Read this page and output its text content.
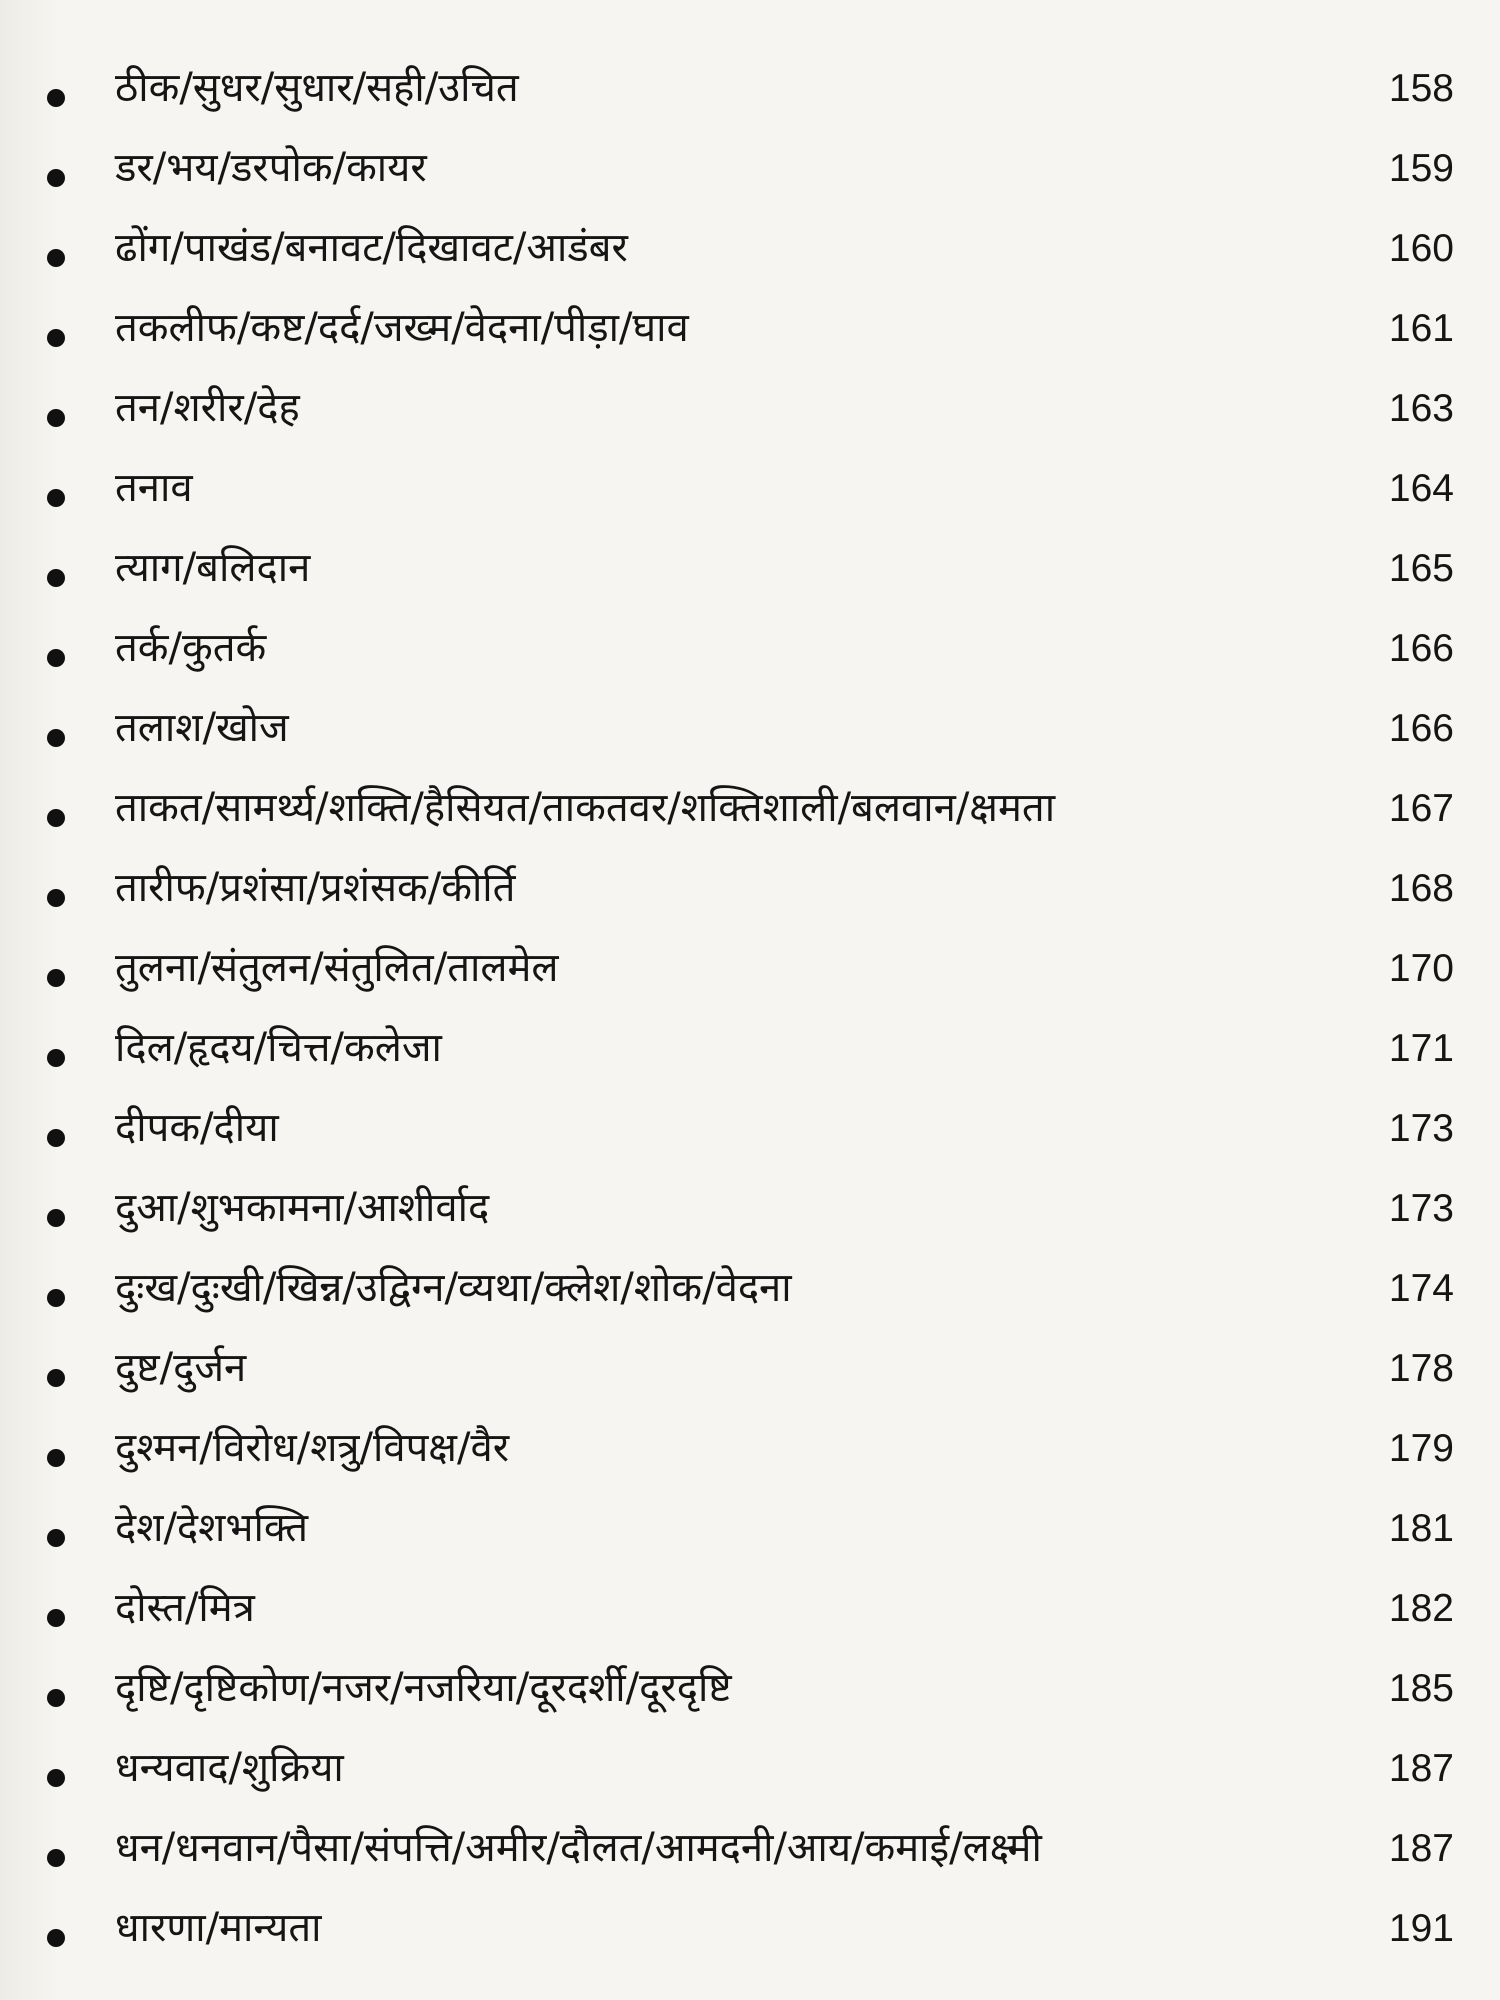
ठीक/सुधर/सुधार/सही/उचित	158
डर/भय/डरपोक/कायर	159
ढोंग/पाखंड/बनावट/दिखावट/आडंबर	160
तकलीफ/कष्ट/दर्द/जख्म/वेदना/पीड़ा/घाव	161
तन/शरीर/देह	163
तनाव	164
त्याग/बलिदान	165
तर्क/कुतर्क	166
तलाश/खोज	166
ताकत/सामर्थ्य/शक्ति/हैसियत/ताकतवर/शक्तिशाली/बलवान/क्षमता	167
तारीफ/प्रशंसा/प्रशंसक/कीर्ति	168
तुलना/संतुलन/संतुलित/तालमेल	170
दिल/हृदय/चित्त/कलेजा	171
दीपक/दीया	173
दुआ/शुभकामना/आशीर्वाद	173
दुःख/दुःखी/खिन्न/उद्विग्न/व्यथा/क्लेश/शोक/वेदना	174
दुष्ट/दुर्जन	178
दुश्मन/विरोध/शत्रु/विपक्ष/वैर	179
देश/देशभक्ति	181
दोस्त/मित्र	182
दृष्टि/दृष्टिकोण/नजर/नजरिया/दूरदर्शी/दूरदृष्टि	185
धन्यवाद/शुक्रिया	187
धन/धनवान/पैसा/संपत्ति/अमीर/दौलत/आमदनी/आय/कमाई/लक्ष्मी	187
धारणा/मान्यता	191
